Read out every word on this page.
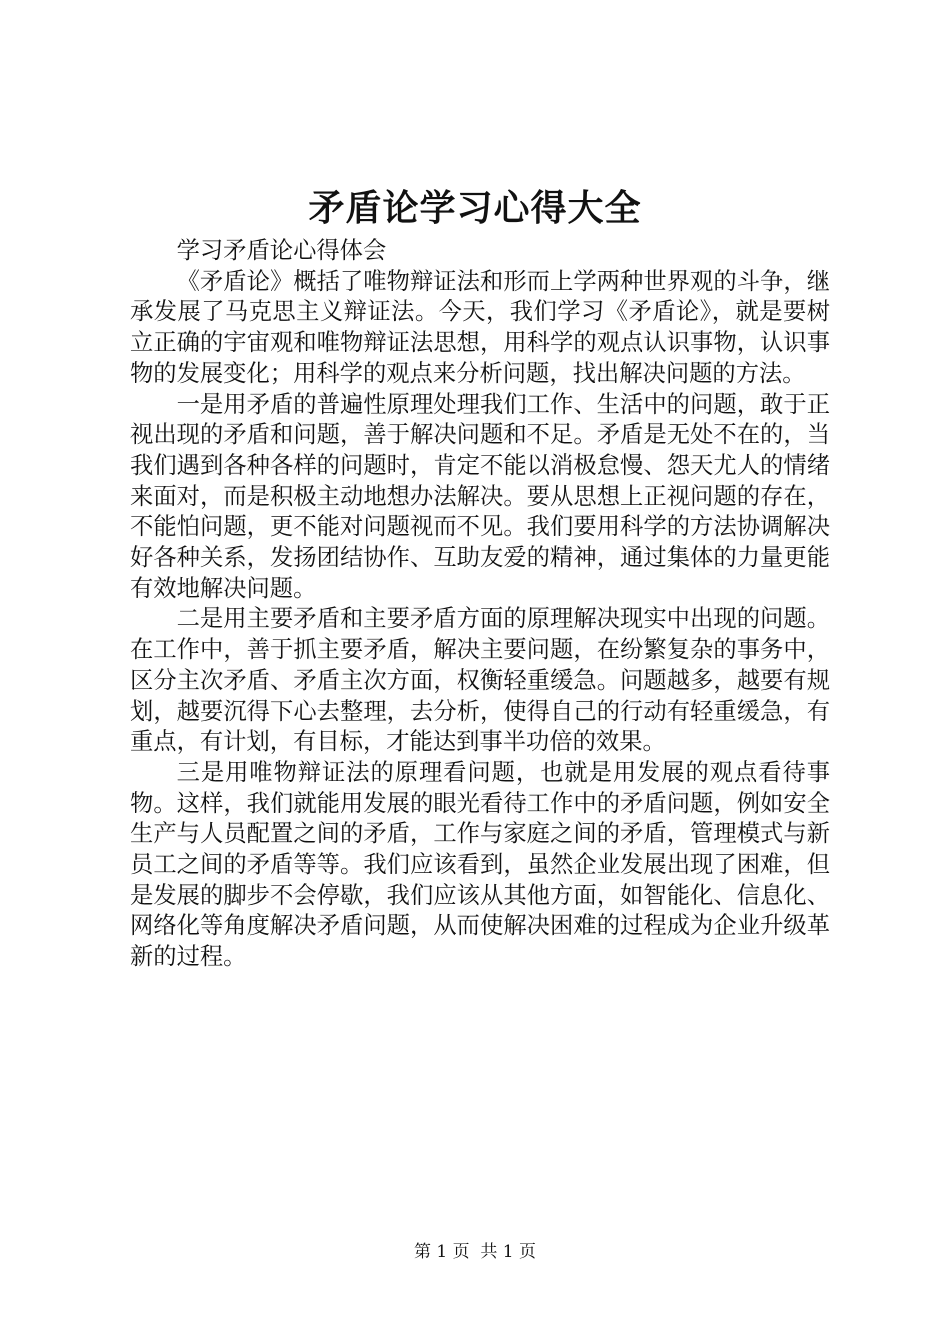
矛盾论学习心得大全

学习矛盾论心得体会

《矛盾论》概括了唯物辩证法和形而上学两种世界观的斗争，继承发展了马克思主义辩证法。今天，我们学习《矛盾论》，就是要树立正确的宇宙观和唯物辩证法思想，用科学的观点认识事物，认识事物的发展变化；用科学的观点来分析问题，找出解决问题的方法。

一是用矛盾的普遍性原理处理我们工作、生活中的问题，敢于正视出现的矛盾和问题，善于解决问题和不足。矛盾是无处不在的，当我们遇到各种各样的问题时，肯定不能以消极怠慢、怨天尤人的情绪来面对，而是积极主动地想办法解决。要从思想上正视问题的存在，不能怕问题，更不能对问题视而不见。我们要用科学的方法协调解决好各种关系，发扬团结协作、互助友爱的精神，通过集体的力量更能有效地解决问题。

二是用主要矛盾和主要矛盾方面的原理解决现实中出现的问题。在工作中，善于抓主要矛盾，解决主要问题，在纷繁复杂的事务中，区分主次矛盾、矛盾主次方面，权衡轻重缓急。问题越多，越要有规划，越要沉得下心去整理，去分析，使得自己的行动有轻重缓急，有重点，有计划，有目标，才能达到事半功倍的效果。

三是用唯物辩证法的原理看问题，也就是用发展的观点看待事物。这样，我们就能用发展的眼光看待工作中的矛盾问题，例如安全生产与人员配置之间的矛盾，工作与家庭之间的矛盾，管理模式与新员工之间的矛盾等等。我们应该看到，虽然企业发展出现了困难，但是发展的脚步不会停歇，我们应该从其他方面，如智能化、信息化、网络化等角度解决矛盾问题，从而使解决困难的过程成为企业升级革新的过程。

第 1 页 共 1 页
